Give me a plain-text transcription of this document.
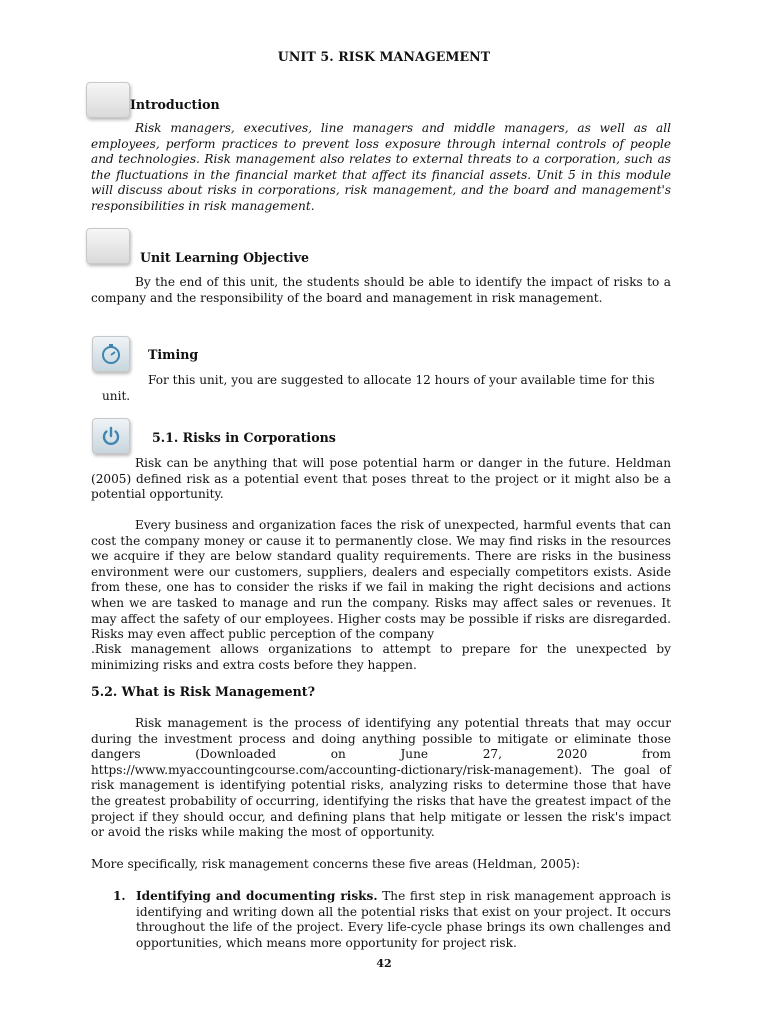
UNIT 5. RISK MANAGEMENT
Introduction

Risk managers, executives, line managers and middle managers, as well as all employees, perform practices to prevent loss exposure through internal controls of people and technologies. Risk management also relates to external threats to a corporation, such as the fluctuations in the financial market that affect its financial assets. Unit 5 in this module will discuss about risks in corporations, risk management, and the board and management's responsibilities in risk management.

Unit Learning Objective

By the end of this unit, the students should be able to identify the impact of risks to a company and the responsibility of the board and management in risk management.

Timing
For this unit, you are suggested to allocate 12 hours of your available time for this
unit.
5.1. Risks in Corporations

Risk can be anything that will pose potential harm or danger in the future. Heldman (2005) defined risk as a potential event that poses threat to the project or it might also be a potential opportunity.

Every business and organization faces the risk of unexpected, harmful events that can cost the company money or cause it to permanently close. We may find risks in the resources we acquire if they are below standard quality requirements. There are risks in the business environment were our customers, suppliers, dealers and especially competitors exists. Aside from these, one has to consider the risks if we fail in making the right decisions and actions when we are tasked to manage and run the company. Risks may affect sales or revenues. It may affect the safety of our employees. Higher costs may be possible if risks are disregarded. Risks may even affect public perception of the company

.Risk management allows organizations to attempt to prepare for the unexpected by minimizing risks and extra costs before they happen.

5.2. What is Risk Management?

Risk management is the process of identifying any potential threats that may occur during the investment process and doing anything possible to mitigate or eliminate those dangers (Downloaded on June 27, 2020 from https://www.myaccountingcourse.com/accounting-dictionary/risk-management). The goal of risk management is identifying potential risks, analyzing risks to determine those that have the greatest probability of occurring, identifying the risks that have the greatest impact of the project if they should occur, and defining plans that help mitigate or lessen the risk's impact or avoid the risks while making the most of opportunity.

More specifically, risk management concerns these five areas (Heldman, 2005):

1. Identifying and documenting risks. The first step in risk management approach is identifying and writing down all the potential risks that exist on your project. It occurs throughout the life of the project. Every life-cycle phase brings its own challenges and opportunities, which means more opportunity for project risk.

42
